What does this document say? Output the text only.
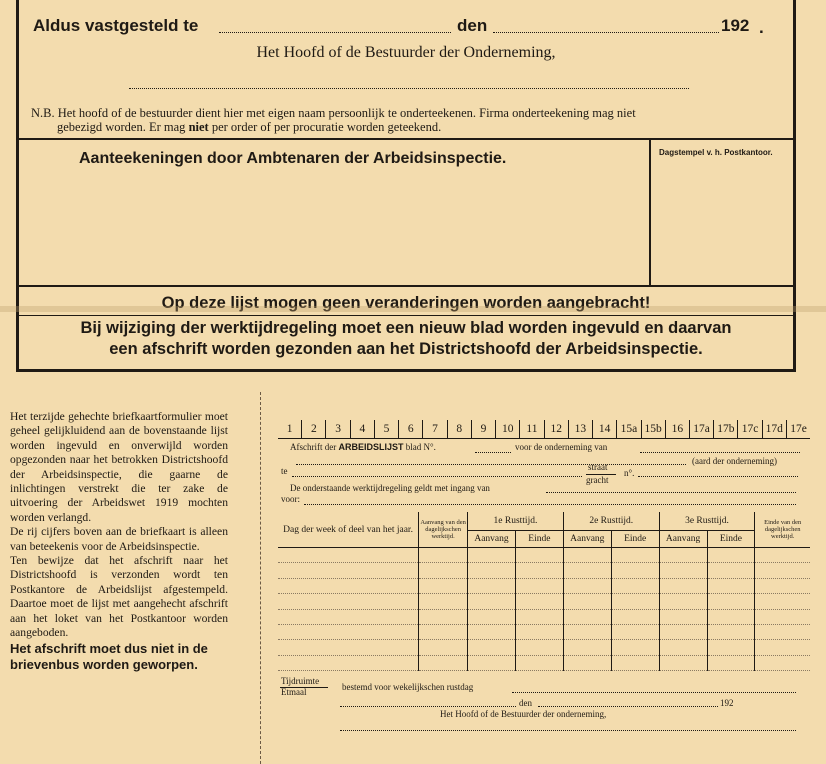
Aldus vastgesteld te	den	192 .
Het Hoofd of de Bestuurder der Onderneming,
N.B. Het hoofd of de bestuurder dient hier met eigen naam persoonlijk te onderteekenen. Firma onderteekening mag niet
gebezigd worden. Er mag niet per order of per procuratie worden geteekend.
Aanteekeningen door Ambtenaren der Arbeidsinspectie.	Dagstempel v. h. Postkantoor.
Op deze lijst mogen geen veranderingen worden aangebracht!
Bij wijziging der werktijdregeling moet een nieuw blad worden ingevuld en daarvan
een afschrift worden gezonden aan het Districtshoofd der Arbeidsinspectie.
Het terzijde gehechte briefkaartformulier moet geheel gelijkluidend aan de bovenstaande lijst worden ingevuld en onverwijld worden opgezonden naar het betrokken Districtshoofd der Arbeidsinspectie, die gaarne de inlichtingen verstrekt die ter zake de uitvoering der Arbeidswet 1919 mochten worden verlangd.
De rij cijfers boven aan de briefkaart is alleen van beteekenis voor de Arbeidsinspectie.
Ten bewijze dat het afschrift naar het Districtshoofd is verzonden wordt ten Postkantore de Arbeidslijst afgestempeld. Daartoe moet de lijst met aangehecht afschrift aan het loket van het Postkantoor worden aangeboden.
Het afschrift moet dus niet in de brievenbus worden geworpen.
1	2	3	4	5	6	7	8	9	10	11	12	13	14 15a 15b 16 17a 17b 17c 17d 17e
Afschrift der ARBEIDSLIJST blad N°.	voor de onderneming van
(aard der onderneming)
te	straat
gracht
n°.
De onderstaande werktijdregeling geldt met ingang van
voor:
Dag der week of deel van het jaar.	Aanvang van den dagelijkschen werktijd.	1e Rusttijd.		2e Rusttijd.		3e Rusttijd.		Einde van den dagelijkschen werktijd.
		Aanvang	Einde	Aanvang	Einde	Aanvang	Einde	

Tijdruimte
Etmaal	bestemd voor wekelijkschen rustdag
den	192
Het Hoofd of de Bestuurder der onderneming,
